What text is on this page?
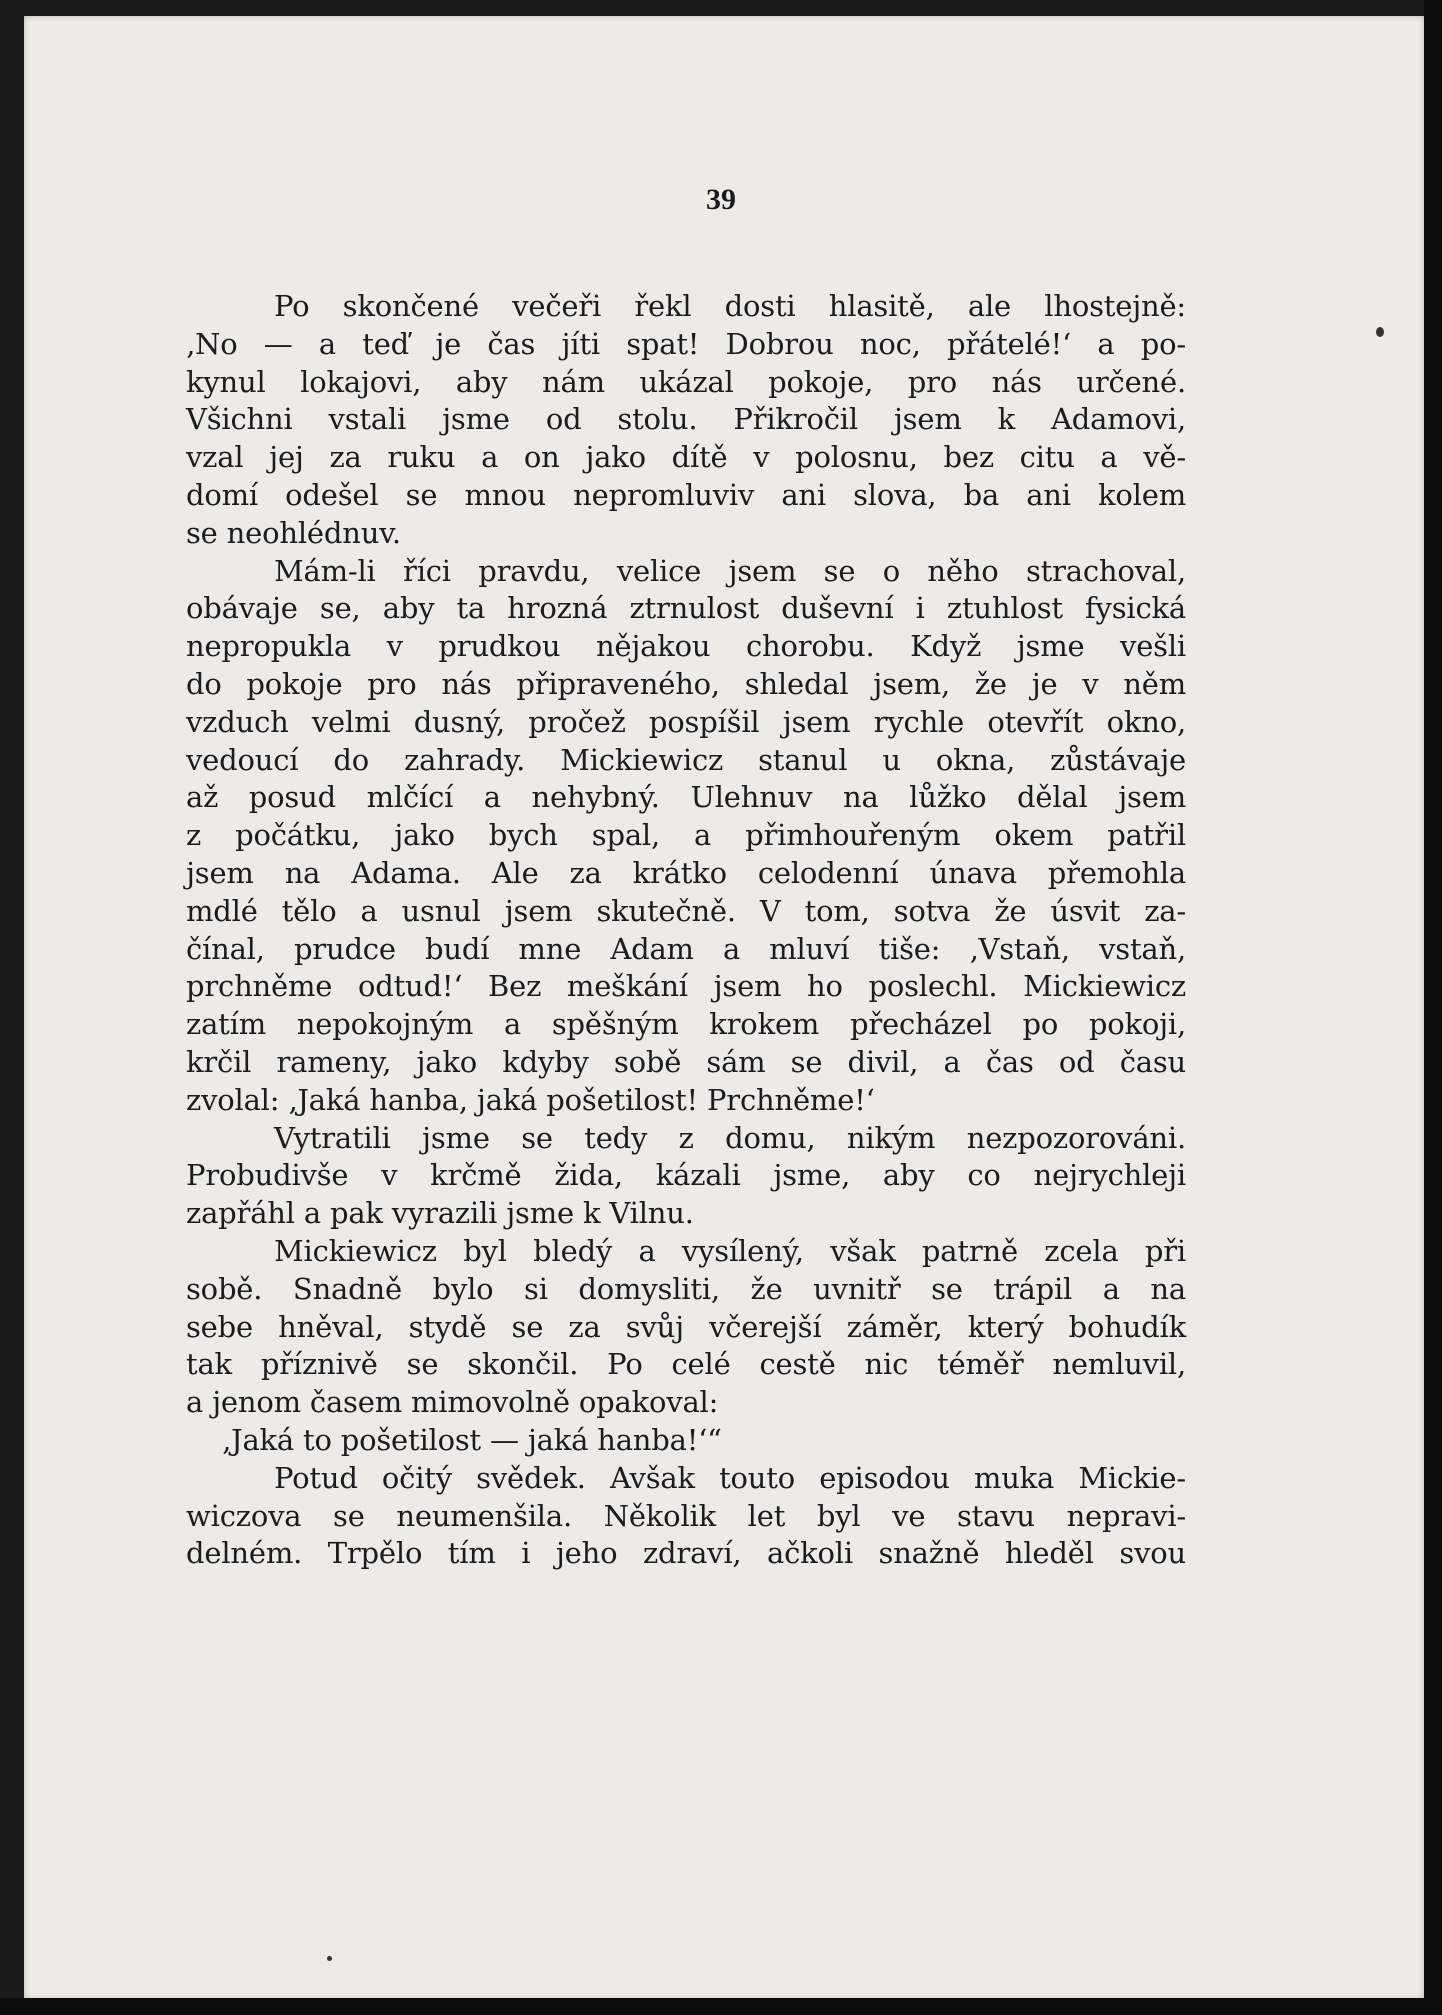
39
Po skončené večeři řekl dosti hlasitě, ale lhostejně:
‚No — a teď je čas jíti spat! Dobrou noc, přátelé!‘ a po-
kynul lokajovi, aby nám ukázal pokoje, pro nás určené.
Všichni vstali jsme od stolu. Přikročil jsem k Adamovi,
vzal jej za ruku a on jako dítě v polosnu, bez citu a vě-
domí odešel se mnou nepromluviv ani slova, ba ani kolem
se neohlédnuv.
Mám-li říci pravdu, velice jsem se o něho strachoval,
obávaje se, aby ta hrozná ztrnulost duševní i ztuhlost fysická
nepropukla v prudkou nějakou chorobu. Když jsme vešli
do pokoje pro nás připraveného, shledal jsem, že je v něm
vzduch velmi dusný, pročež pospíšil jsem rychle otevřít okno,
vedoucí do zahrady. Mickiewicz stanul u okna, zůstávaje
až posud mlčící a nehybný. Ulehnuv na lůžko dělal jsem
z počátku, jako bych spal, a přimhouřeným okem patřil
jsem na Adama. Ale za krátko celodenní únava přemohla
mdlé tělo a usnul jsem skutečně. V tom, sotva že úsvit za-
čínal, prudce budí mne Adam a mluví tiše: ‚Vstaň, vstaň,
prchněme odtud!‘ Bez meškání jsem ho poslechl. Mickiewicz
zatím nepokojným a spěšným krokem přecházel po pokoji,
krčil rameny, jako kdyby sobě sám se divil, a čas od času
zvolal: ‚Jaká hanba, jaká pošetilost! Prchněme!‘
Vytratili jsme se tedy z domu, nikým nezpozorováni.
Probudivše v krčmě žida, kázali jsme, aby co nejrychleji
zapřáhl a pak vyrazili jsme k Vilnu.
Mickiewicz byl bledý a vysílený, však patrně zcela při
sobě. Snadně bylo si domysliti, že uvnitř se trápil a na
sebe hněval, stydě se za svůj včerejší záměr, který bohudík
tak příznivě se skončil. Po celé cestě nic téměř nemluvil,
a jenom časem mimovolně opakoval:
‚Jaká to pošetilost — jaká hanba!‘“
Potud očitý svědek. Avšak touto episodou muka Mickie-
wiczova se neumenšila. Několik let byl ve stavu nepravi-
delném. Trpělo tím i jeho zdraví, ačkoli snažně hleděl svou
